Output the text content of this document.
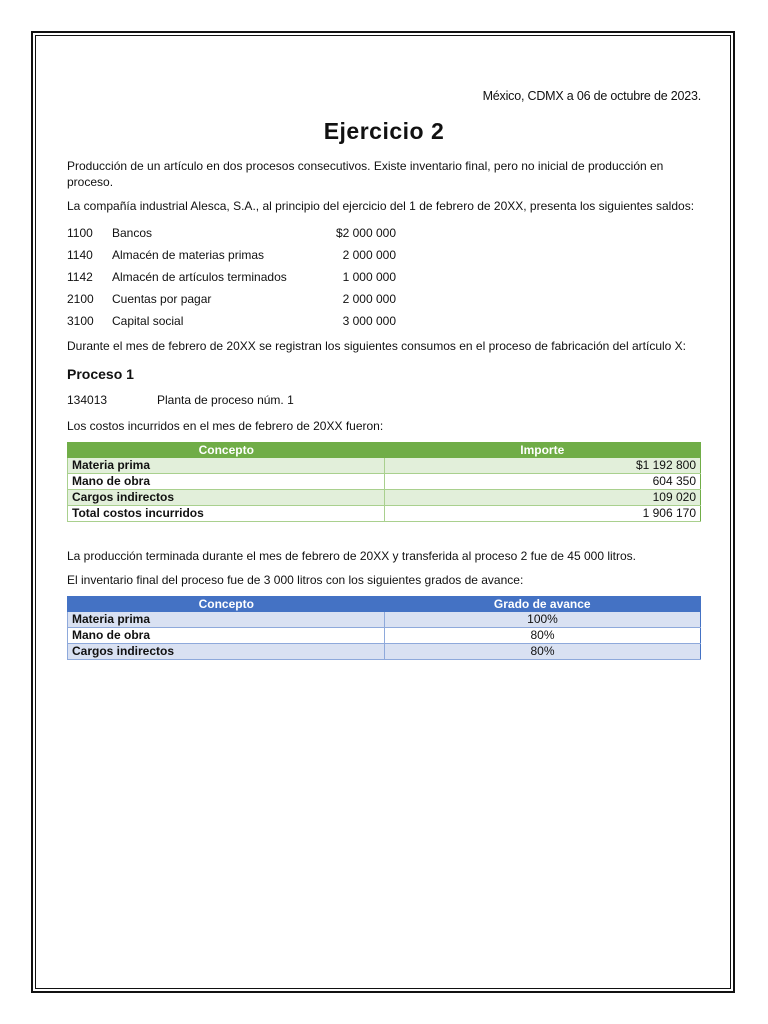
México, CDMX a 06 de octubre de 2023.
Ejercicio 2

Producción de un artículo en dos procesos consecutivos. Existe inventario final, pero no inicial de producción en proceso.

La compañía industrial Alesca, S.A., al principio del ejercicio del 1 de febrero de 20XX, presenta los siguientes saldos:

1100	Bancos	$2 000 000
1140	Almacén de materias primas	2 000 000
1142	Almacén de artículos terminados	1 000 000
2100	Cuentas por pagar	2 000 000
3100	Capital social	3 000 000

Durante el mes de febrero de 20XX se registran los siguientes consumos en el proceso de fabricación del artículo X:

Proceso 1
134013	Planta de proceso núm. 1

Los costos incurridos en el mes de febrero de 20XX fueron:

Concepto	Importe
Materia prima	$1 192 800
Mano de obra	604 350
Cargos indirectos	109 020
Total costos incurridos	1 906 170

La producción terminada durante el mes de febrero de 20XX y transferida al proceso 2 fue de 45 000 litros.

El inventario final del proceso fue de 3 000 litros con los siguientes grados de avance:

Concepto	Grado de avance
Materia prima	100%
Mano de obra	80%
Cargos indirectos	80%
